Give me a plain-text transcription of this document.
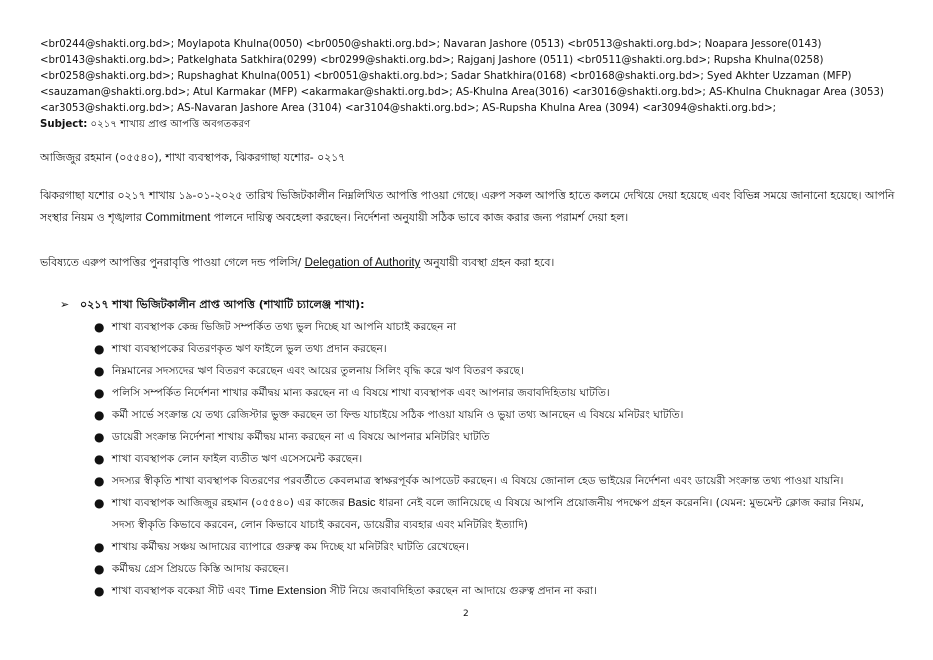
<br0244@shakti.org.bd>; Moylapota Khulna(0050) <br0050@shakti.org.bd>; Navaran Jashore (0513) <br0513@shakti.org.bd>; Noapara Jessore(0143)
<br0143@shakti.org.bd>; Patkelghata Satkhira(0299) <br0299@shakti.org.bd>; Rajganj Jashore (0511) <br0511@shakti.org.bd>; Rupsha Khulna(0258)
<br0258@shakti.org.bd>; Rupshaghat Khulna(0051) <br0051@shakti.org.bd>; Sadar Shatkhira(0168) <br0168@shakti.org.bd>; Syed Akhter Uzzaman (MFP)
<sauzaman@shakti.org.bd>; Atul Karmakar (MFP) <akarmakar@shakti.org.bd>; AS-Khulna Area(3016) <ar3016@shakti.org.bd>; AS-Khulna Chuknagar Area (3053)
<ar3053@shakti.org.bd>; AS-Navaran Jashore Area (3104) <ar3104@shakti.org.bd>; AS-Rupsha Khulna Area (3094) <ar3094@shakti.org.bd>;
Subject: ০২১৭ শাখায় প্রাপ্ত আপত্তি অবগতকরণ
আজিজুর রহমান (০৫৫৪০), শাখা ব্যবস্থাপক, ঝিকরগাছা যশোর- ০২১৭
ঝিকরগাছা যশোর ০২১৭ শাখায় ১৯-০১-২০২৫ তারিখ ভিজিটকালীন নিম্নলিখিত আপত্তি পাওয়া গেছে। এরুপ সকল আপত্তি হাতে কলমে দেখিয়ে দেয়া হয়েছে এবং বিভিন্ন সময়ে জানানো হয়েছে। আপনি সংস্থার নিয়ম ও শৃঙ্খলার Commitment পালনে দায়িত্ব অবহেলা করছেন। নির্দেশনা অনুযায়ী সঠিক ভাবে কাজ করার জন্য পরামর্শ দেয়া হল।
ভবিষ্যতে এরুপ আপত্তির পুনরাবৃত্তি পাওয়া গেলে দন্ড পলিসি/ Delegation of Authority অনুযায়ী ব্যবস্থা গ্রহন করা হবে।
➢ ০২১৭ শাখা ভিজিটকালীন প্রাপ্ত আপত্তি (শাখাটি চ্যালেঞ্জ শাখা):
● শাখা ব্যবস্থাপক কেন্দ্র ভিজিট সম্পর্কিত তথ্য ভুল দিচ্ছে যা আপনি যাচাই করছেন না
● শাখা ব্যবস্থাপকের বিতরণকৃত ঋণ ফাইলে ভুল তথ্য প্রদান করছেন।
● নিম্নমানের সদস্যদের ঋণ বিতরণ করেছেন এবং আয়ের তুলনায় সিলিং বৃদ্ধি করে ঋণ বিতরণ করছে।
● পলিসি সম্পর্কিত নির্দেশনা শাখার কর্মীদ্বয় মান্য করছেন না এ বিষয়ে শাখা ব্যবস্থাপক এবং আপনার জবাবদিহিতায় ঘাটতি।
● কর্মী সার্ভে সংক্রান্ত যে তথ্য রেজিস্টার ভুক্ত করছেন তা ফিল্ড যাচাইয়ে সঠিক পাওয়া যায়নি ও ভুয়া তথ্য আনছেন এ বিষয়ে মনিটরং ঘাটতি।
● ডায়েরী সংক্রান্ত নির্দেশনা শাখায় কর্মীদ্বয় মান্য করছেন না এ বিষয়ে আপনার মনিটরিং ঘাটতি
● শাখা ব্যবস্থাপক লোন ফাইল ব্যতীত ঋণ এসেসমেন্ট করছেন।
● সদস্যর স্বীকৃতি শাখা ব্যবস্থাপক বিতরণের পরবর্তীতে কেবলমাত্র স্বাক্ষরপূর্বক আপডেট করছেন। এ বিষয়ে জোনাল হেড ভাইয়ের নির্দেশনা এবং ডায়েরী সংক্রান্ত তথ্য পাওয়া যায়নি।
● শাখা ব্যবস্থাপক আজিজুর রহমান (০৫৫৪০) এর কাজের Basic ধারনা নেই বলে জানিয়েছে এ বিষয়ে আপনি প্রয়োজনীয় পদক্ষেপ গ্রহন করেননি। (যেমন: মুভমেন্ট ক্লোজ করার নিয়ম, সদস্য স্বীকৃতি কিভাবে করবেন, লোন কিভাবে যাচাই করবেন, ডায়েরীর ব্যবহার এবং মনিটরিং ইত্যাদি)
● শাখায় কর্মীদ্বয় সঞ্চয় আদায়ের ব্যাপারে গুরুত্ব কম দিচ্ছে যা মনিটরিং ঘাটতি রেখেছেন।
● কর্মীদ্বয় গ্রেস প্রিয়ডে কিস্তি আদায় করছেন।
● শাখা ব্যবস্থাপক বকেয়া সীট এবং Time Extension সীট নিয়ে জবাবদিহিতা করছেন না আদায়ে গুরুত্ব প্রদান না করা।
2
